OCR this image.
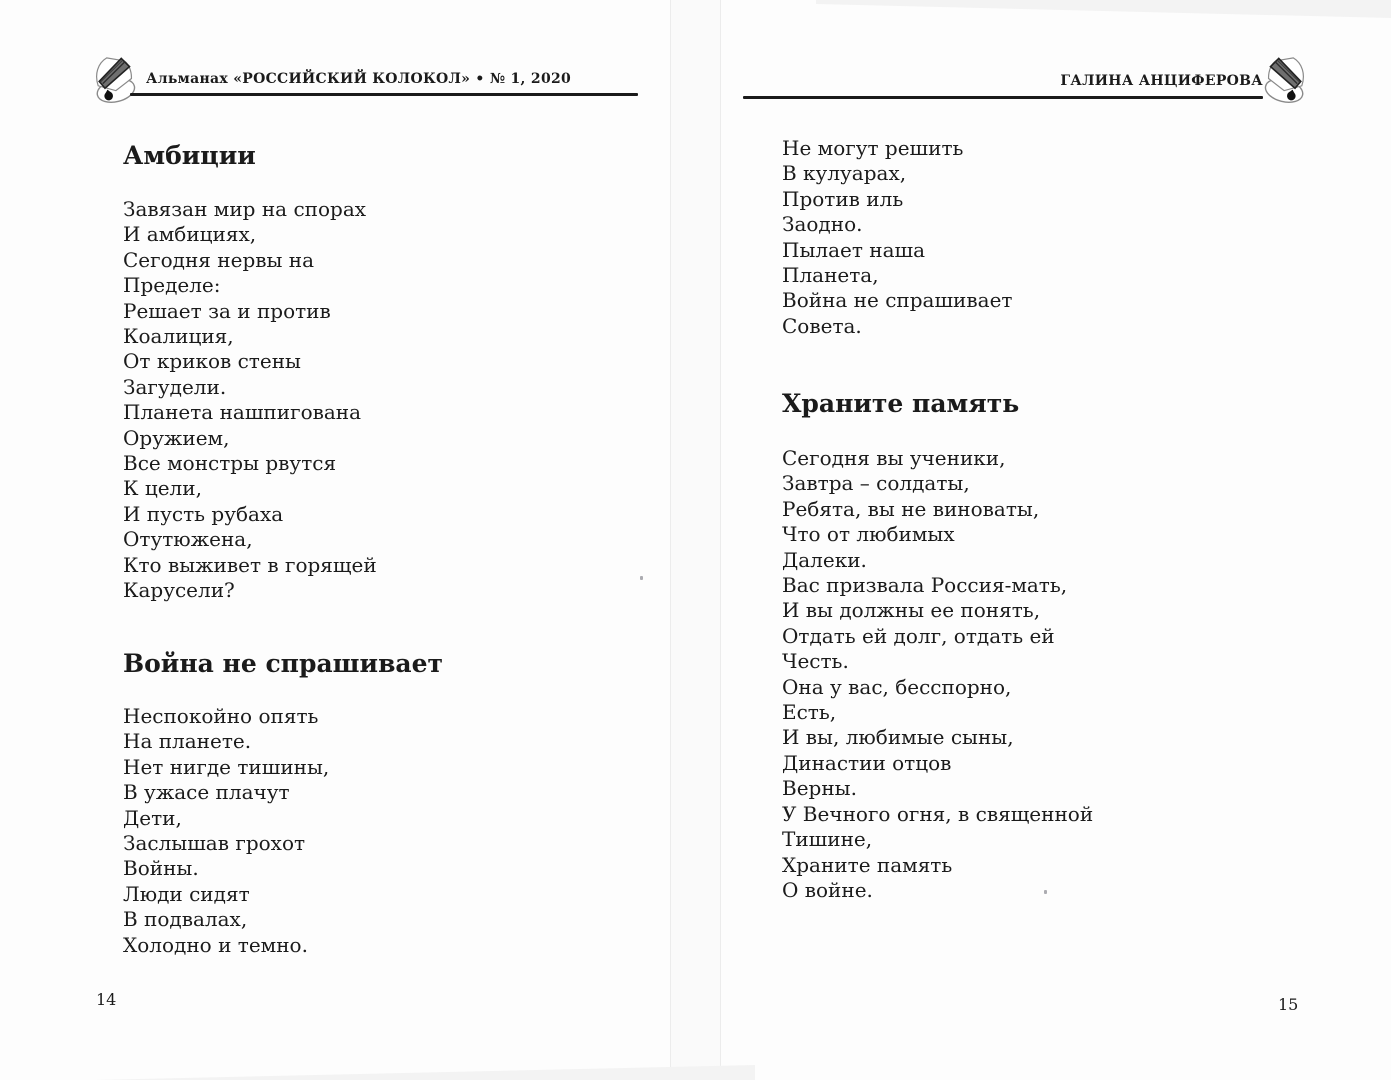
Альманах «РОССИЙСКИЙ КОЛОКОЛ» • № 1, 2020	ГАЛИНА АНЦИФЕРОВА
Амбиции
Завязан мир на спорах
И амбициях,
Сегодня нервы на
Пределе:
Решает за и против
Коалиция,
От криков стены
Загудели.
Планета нашпигована
Оружием,
Все монстры рвутся
К цели,
И пусть рубаха
Отутюжена,
Кто выживет в горящей
Карусели?
Война не спрашивает
Неспокойно опять
На планете.
Нет нигде тишины,
В ужасе плачут
Дети,
Заслышав грохот
Войны.
Люди сидят
В подвалах,
Холодно и темно.
14
Не могут решить
В кулуарах,
Против иль
Заодно.
Пылает наша
Планета,
Война не спрашивает
Совета.
Храните память
Сегодня вы ученики,
Завтра – солдаты,
Ребята, вы не виноваты,
Что от любимых
Далеки.
Вас призвала Россия-мать,
И вы должны ее понять,
Отдать ей долг, отдать ей
Честь.
Она у вас, бесспорно,
Есть,
И вы, любимые сыны,
Династии отцов
Верны.
У Вечного огня, в священной
Тишине,
Храните память
О войне.
15
